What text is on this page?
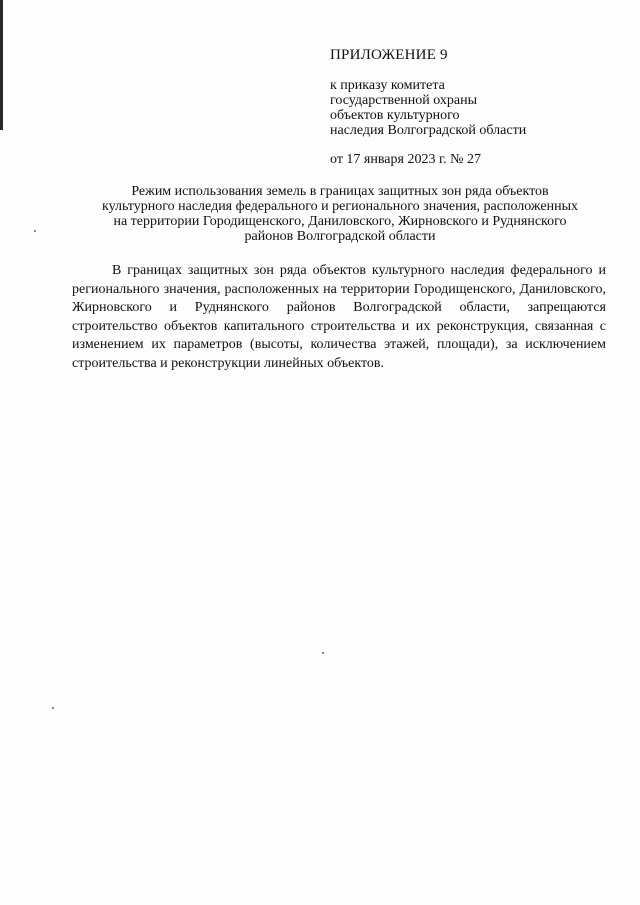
ПРИЛОЖЕНИЕ 9

к приказу комитета

государственной охраны

объектов культурного

наследия Волгоградской области

от 17 января 2023 г. № 27

Режим использования земель в границах защитных зон ряда объектов
культурного наследия федерального и регионального значения, расположенных
на территории Городищенского, Даниловского, Жирновского и Руднянского
районов Волгоградской области

В границах защитных зон ряда объектов культурного наследия федерального и регионального значения, расположенных на территории Городищенского, Даниловского, Жирновского и Руднянского районов Волгоградской области, запрещаются строительство объектов капитального строительства и их реконструкция, связанная с изменением их параметров (высоты, количества этажей, площади), за исключением строительства и реконструкции линейных объектов.
